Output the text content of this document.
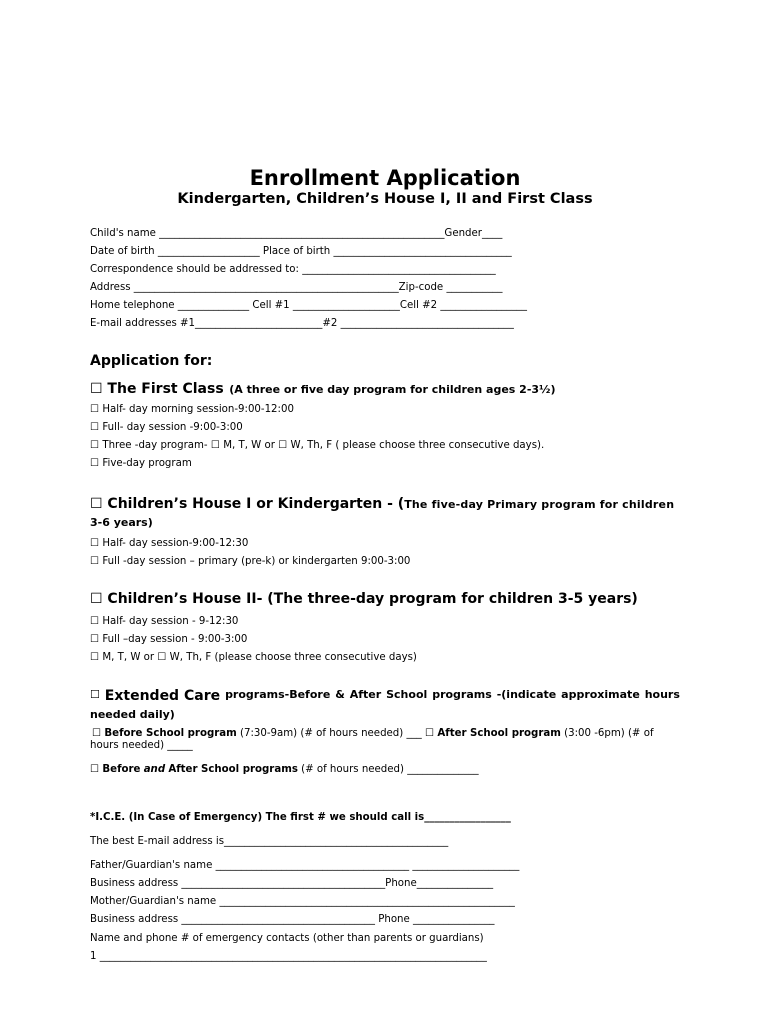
Enrollment Application
Kindergarten, Children’s House I, II and First Class
Child's name ________________________________________________________Gender____
Date of birth ____________________ Place of birth ___________________________________
Correspondence should be addressed to: ______________________________________
Address ____________________________________________________Zip-code ___________
Home telephone ______________ Cell #1 _____________________Cell #2 _________________
E-mail addresses #1_________________________#2 __________________________________
Application for:
☐ The First Class (A three or five day program for children ages 2-3½)
☐ Half- day morning session-9:00-12:00
☐ Full- day session -9:00-3:00
☐ Three -day program- ☐ M, T, W or ☐ W, Th, F ( please choose three consecutive days).
☐ Five-day program
☐ Children’s House I or Kindergarten - (The five-day Primary program for children
3-6 years)
☐ Half- day session-9:00-12:30
☐ Full -day session – primary (pre-k) or kindergarten 9:00-3:00
☐ Children’s House II- (The three-day program for children 3-5 years)
☐ Half- day session - 9-12:30
☐ Full –day session - 9:00-3:00
☐ M, T, W or ☐ W, Th, F (please choose three consecutive days)
☐ Extended Care programs-Before & After School programs -(indicate approximate hours
needed daily)
☐ Before School program (7:30-9am) (# of hours needed) ___ ☐ After School program (3:00 -6pm) (# of
hours needed) _____
☐ Before and After School programs (# of hours needed) ______________
*I.C.E. (In Case of Emergency) The first # we should call is_________________
The best E-mail address is____________________________________________
Father/Guardian's name ______________________________________ _____________________
Business address ________________________________________Phone_______________
Mother/Guardian's name __________________________________________________________
Business address ______________________________________ Phone ________________
Name and phone # of emergency contacts (other than parents or guardians)
1 ____________________________________________________________________________
